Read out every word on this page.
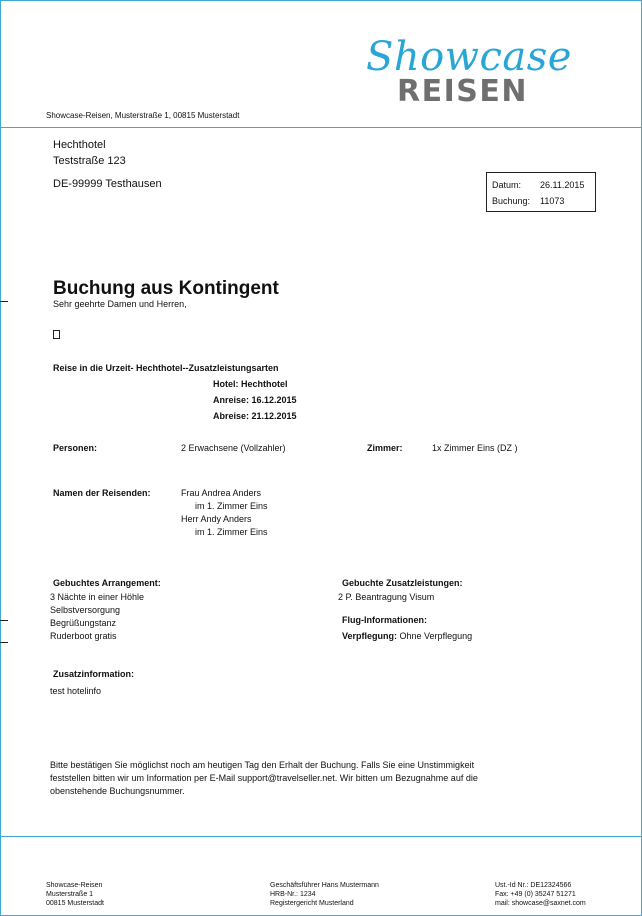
Showcase
REISEN
Showcase-Reisen, Musterstraße 1, 00815 Musterstadt
Hechthotel
Teststraße 123
DE-99999 Testhausen	Datum: 26.11.2015
Buchung: 11073
Buchung aus Kontingent
Sehr geehrte Damen und Herren,
Reise in die Urzeit- Hechthotel--Zusatzleistungsarten
Hotel: Hechthotel
Anreise: 16.12.2015
Abreise: 21.12.2015
Personen:	2 Erwachsene (Vollzahler)	Zimmer:	1x Zimmer Eins (DZ )
Namen der Reisenden:	Frau Andrea Anders
im 1. Zimmer Eins
Herr Andy Anders
im 1. Zimmer Eins
Gebuchtes Arrangement:
3 Nächte in einer Höhle
Selbstversorgung
Begrüßungstanz
Ruderboot gratis
Gebuchte Zusatzleistungen:
2 P. Beantragung Visum
Flug-Informationen:
Verpflegung: Ohne Verpflegung
Zusatzinformation:
test hotelinfo
Bitte bestätigen Sie möglichst noch am heutigen Tag den Erhalt der Buchung. Falls Sie eine Unstimmigkeit
feststellen bitten wir um Information per E-Mail support@travelseller.net. Wir bitten um Bezugnahme auf die
obenstehende Buchungsnummer.
Showcase-Reisen
Musterstraße 1
00815 Musterstadt
Geschäftsführer Hans Mustermann
HRB-Nr.: 1234
Registergericht Musterland
Ust.-Id Nr.: DE12324566
Fax: +49 (0) 35247 51271
mail: showcase@saxnet.com
